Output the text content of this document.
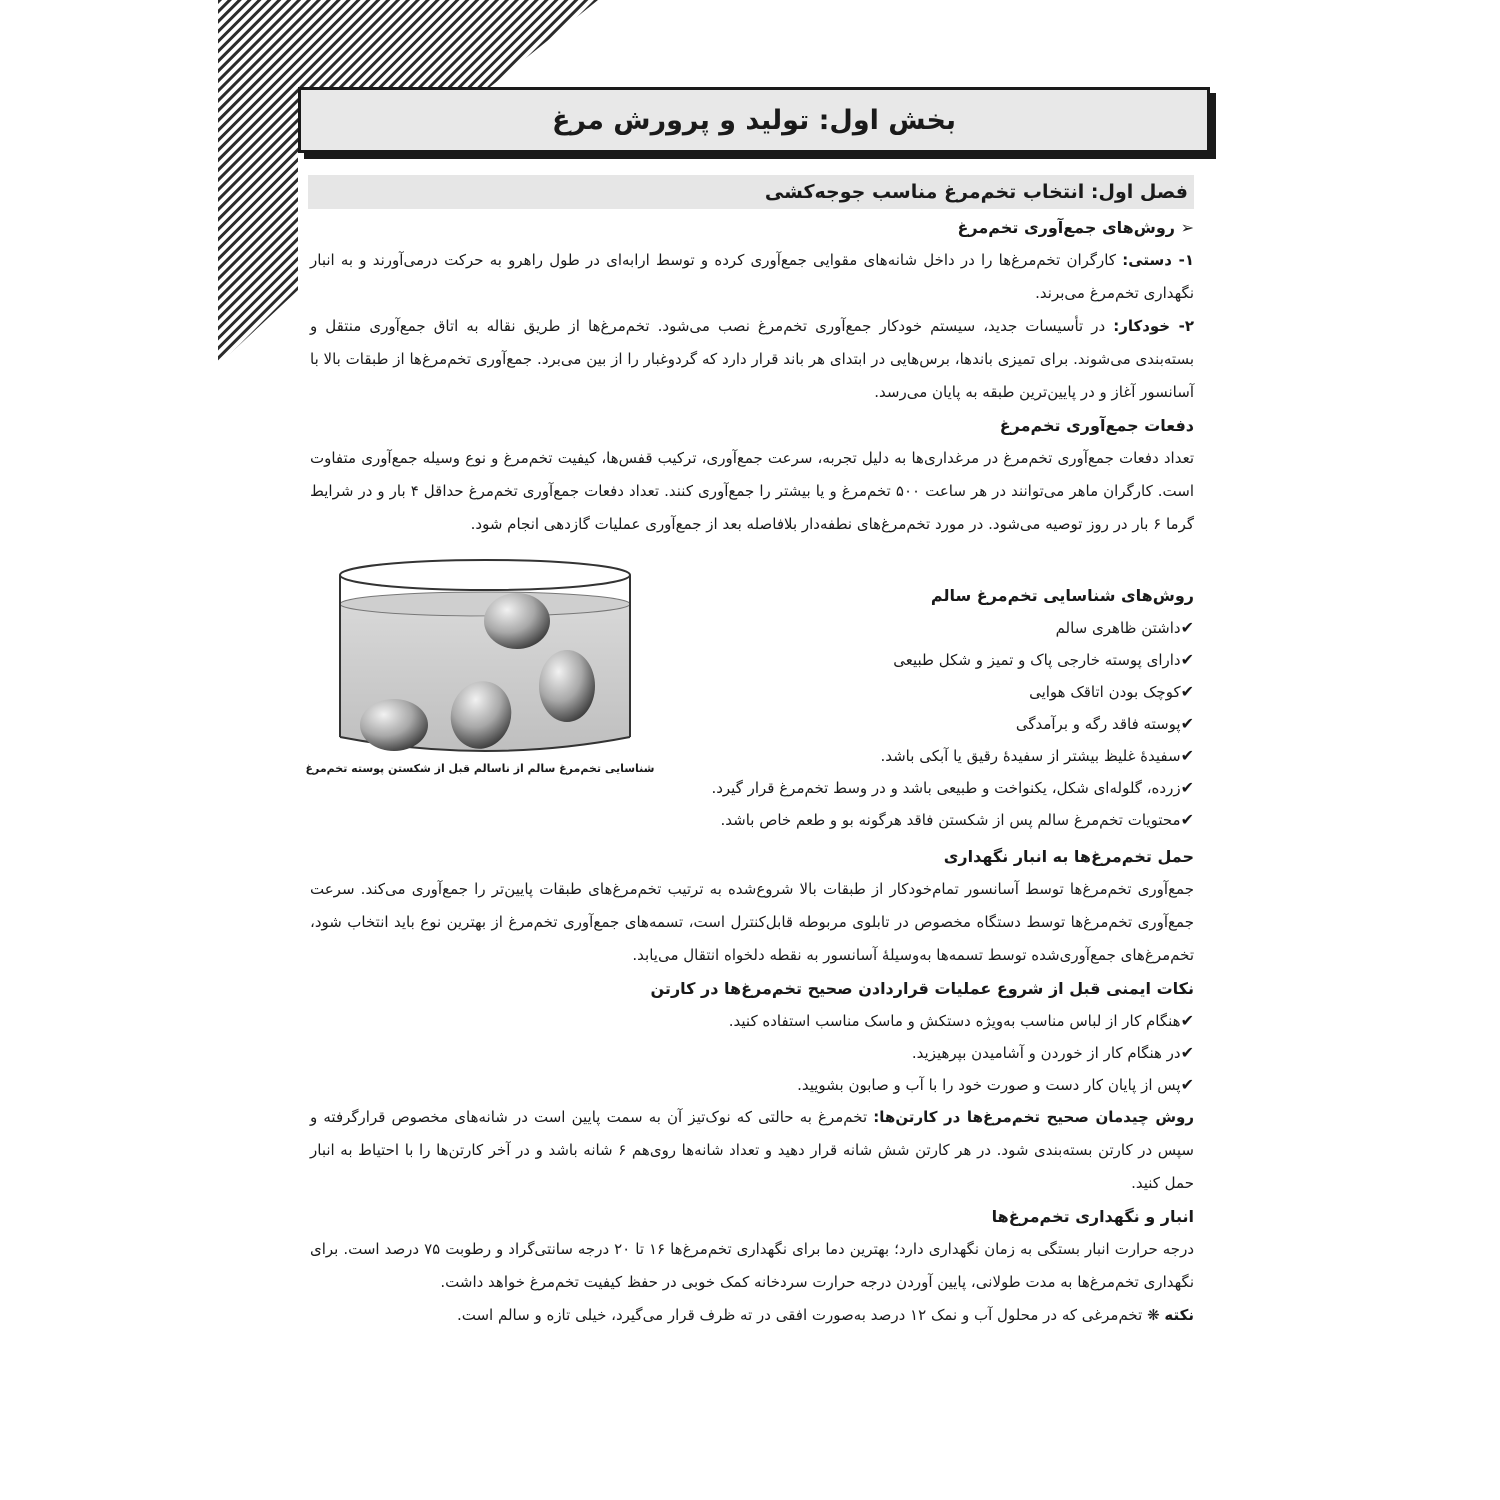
بخش اول: تولید و پرورش مرغ
فصل اول: انتخاب تخم‌مرغ مناسب جوجه‌کشی
➢ روش‌های جمع‌آوری تخم‌مرغ
۱- دستی: کارگران تخم‌مرغ‌ها را در داخل شانه‌های مقوایی جمع‌آوری کرده و توسط ارابه‌ای در طول راهرو به حرکت درمی‌آورند و به انبار نگهداری تخم‌مرغ می‌برند.
۲- خودکار: در تأسیسات جدید، سیستم خودکار جمع‌آوری تخم‌مرغ نصب می‌شود. تخم‌مرغ‌ها از طریق نقاله به اتاق جمع‌آوری منتقل و بسته‌بندی می‌شوند. برای تمیزی باندها، برس‌هایی در ابتدای هر باند قرار دارد که گردوغبار را از بین می‌برد. جمع‌آوری تخم‌مرغ‌ها از طبقات بالا با آسانسور آغاز و در پایین‌ترین طبقه به پایان می‌رسد.
دفعات جمع‌آوری تخم‌مرغ
تعداد دفعات جمع‌آوری تخم‌مرغ در مرغداری‌ها به دلیل تجربه، سرعت جمع‌آوری، ترکیب قفس‌ها، کیفیت تخم‌مرغ و نوع وسیله جمع‌آوری متفاوت است. کارگران ماهر می‌توانند در هر ساعت ۵۰۰ تخم‌مرغ و یا بیشتر را جمع‌آوری کنند. تعداد دفعات جمع‌آوری تخم‌مرغ حداقل ۴ بار و در شرایط گرما ۶ بار در روز توصیه می‌شود. در مورد تخم‌مرغ‌های نطفه‌دار بلافاصله بعد از جمع‌آوری عملیات گازدهی انجام شود.
شناسایی تخم‌مرغ سالم از ناسالم قبل از شکستن پوسته تخم‌مرغ
روش‌های شناسایی تخم‌مرغ سالم
✔داشتن ظاهری سالم
✔دارای پوسته خارجی پاک و تمیز و شکل طبیعی
✔کوچک بودن اتاقک هوایی
✔پوسته فاقد رگه و برآمدگی
✔سفیدهٔ غلیظ بیشتر از سفیدهٔ رقیق یا آبکی باشد.
✔زرده، گلوله‌ای شکل، یکنواخت و طبیعی باشد و در وسط تخم‌مرغ قرار گیرد.
✔محتویات تخم‌مرغ سالم پس از شکستن فاقد هرگونه بو و طعم خاص باشد.
حمل تخم‌مرغ‌ها به انبار نگهداری
جمع‌آوری تخم‌مرغ‌ها توسط آسانسور تمام‌خودکار از طبقات بالا شروع‌شده به ترتیب تخم‌مرغ‌های طبقات پایین‌تر را جمع‌آوری می‌کند. سرعت جمع‌آوری تخم‌مرغ‌ها توسط دستگاه مخصوص در تابلوی مربوطه قابل‌کنترل است، تسمه‌های جمع‌آوری تخم‌مرغ از بهترین نوع باید انتخاب شود، تخم‌مرغ‌های جمع‌آوری‌شده توسط تسمه‌ها به‌وسیلهٔ آسانسور به نقطه دلخواه انتقال می‌یابد.
نکات ایمنی قبل از شروع عملیات قراردادن صحیح تخم‌مرغ‌ها در کارتن
✔هنگام کار از لباس مناسب به‌ویژه دستکش و ماسک مناسب استفاده کنید.
✔در هنگام کار از خوردن و آشامیدن بپرهیزید.
✔پس از پایان کار دست و صورت خود را با آب و صابون بشویید.
روش چیدمان صحیح تخم‌مرغ‌ها در کارتن‌ها: تخم‌مرغ به حالتی که نوک‌تیز آن به سمت پایین است در شانه‌های مخصوص قرارگرفته و سپس در کارتن بسته‌بندی شود. در هر کارتن شش شانه قرار دهید و تعداد شانه‌ها روی‌هم ۶ شانه باشد و در آخر کارتن‌ها را با احتیاط به انبار حمل کنید.
انبار و نگهداری تخم‌مرغ‌ها
درجه حرارت انبار بستگی به زمان نگهداری دارد؛ بهترین دما برای نگهداری تخم‌مرغ‌ها ۱۶ تا ۲۰ درجه سانتی‌گراد و رطوبت ۷۵ درصد است. برای نگهداری تخم‌مرغ‌ها به مدت طولانی، پایین آوردن درجه حرارت سردخانه کمک خوبی در حفظ کیفیت تخم‌مرغ خواهد داشت.
نکته ❋ تخم‌مرغی که در محلول آب و نمک ۱۲ درصد به‌صورت افقی در ته ظرف قرار می‌گیرد، خیلی تازه و سالم است.
